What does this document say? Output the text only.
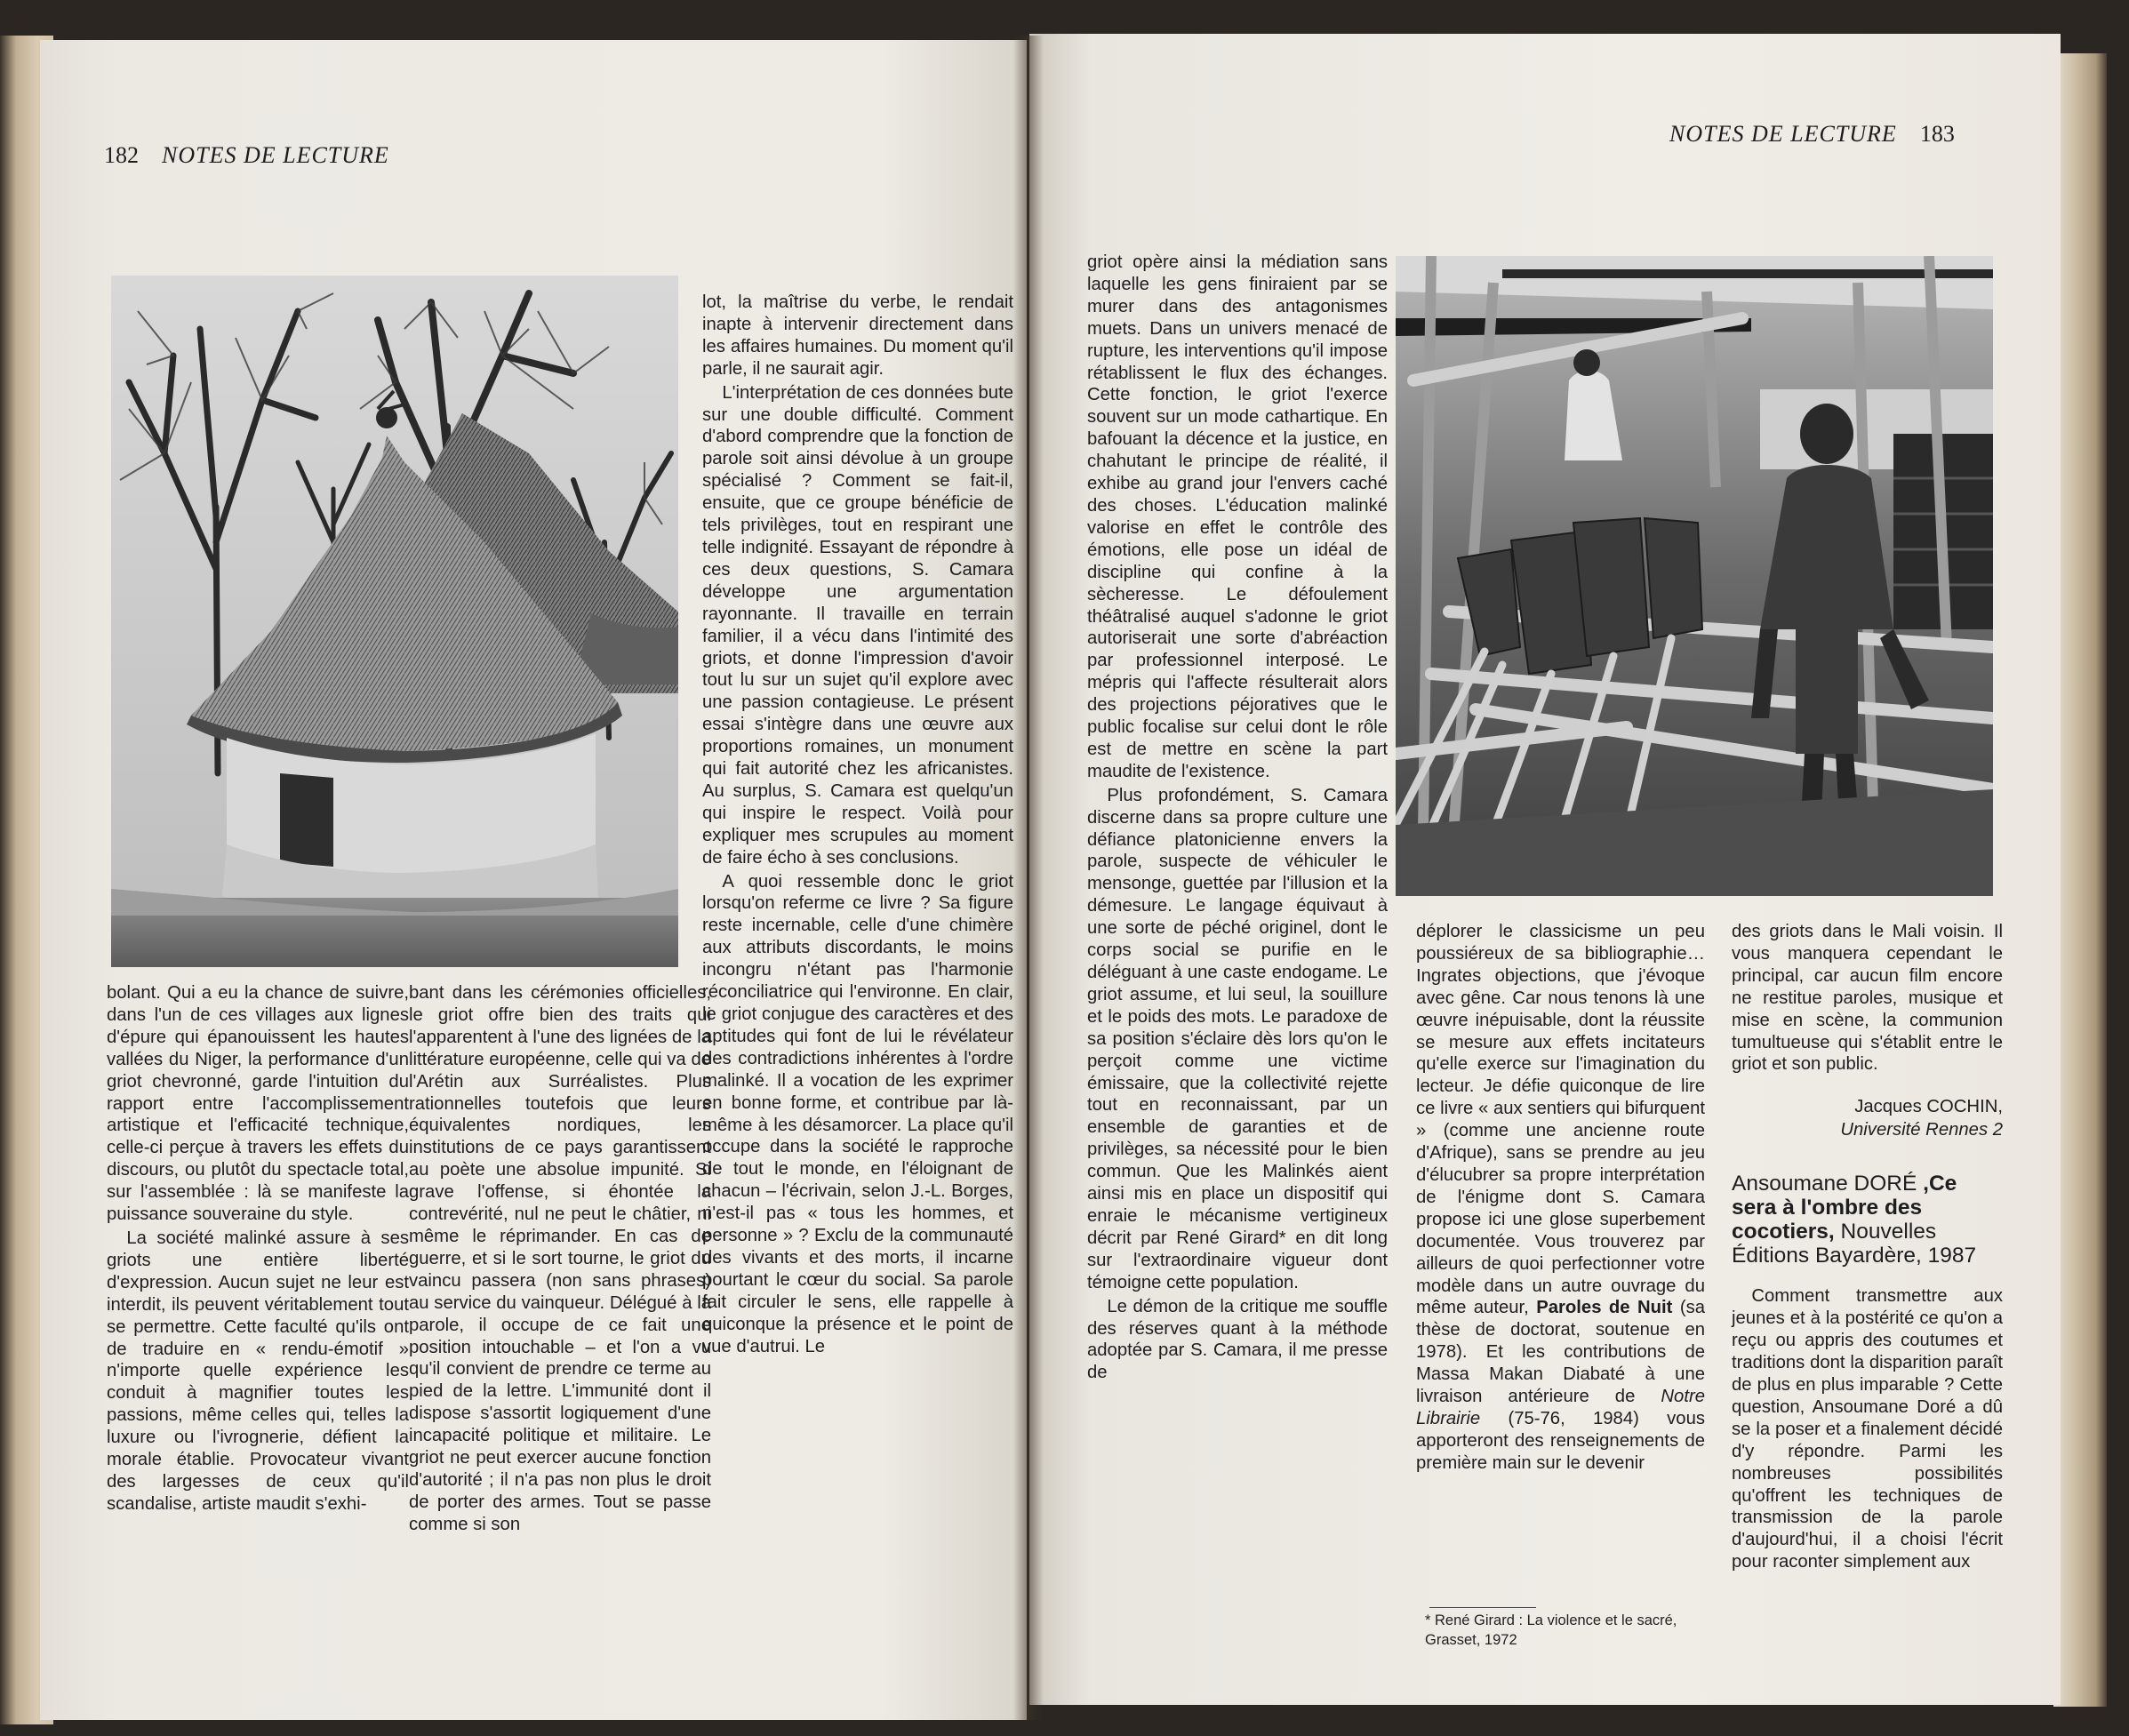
182 NOTES DE LECTURE

bolant. Qui a eu la chance de suivre, dans l'un de ces villages aux lignes d'épure qui épanouissent les hautes vallées du Niger, la performance d'un griot chevronné, garde l'intuition du rapport entre l'accomplissement artistique et l'efficacité technique, celle-ci perçue à travers les effets du discours, ou plutôt du spectacle total, sur l'assemblée : là se manifeste la puissance souveraine du style.

La société malinké assure à ses griots une entière liberté d'expression. Aucun sujet ne leur est interdit, ils peuvent véritablement tout se permettre. Cette faculté qu'ils ont de traduire en « rendu-émotif » n'importe quelle expérience les conduit à magnifier toutes les passions, même celles qui, telles la luxure ou l'ivrognerie, défient la morale établie. Provocateur vivant des largesses de ceux qu'il scandalise, artiste maudit s'exhi-

bant dans les cérémonies officielles, le griot offre bien des traits qui l'apparentent à l'une des lignées de la littérature européenne, celle qui va de l'Arétin aux Surréalistes. Plus rationnelles toutefois que leurs équivalentes nordiques, les institutions de ce pays garantissent au poète une absolue impunité. Si grave l'offense, si éhontée la contrevérité, nul ne peut le châtier, ni même le réprimander. En cas de guerre, et si le sort tourne, le griot du vaincu passera (non sans phrases) au service du vainqueur. Délégué à la parole, il occupe de ce fait une position intouchable – et l'on a vu qu'il convient de prendre ce terme au pied de la lettre. L'immunité dont il dispose s'assortit logiquement d'une incapacité politique et militaire. Le griot ne peut exercer aucune fonction d'autorité ; il n'a pas non plus le droit de porter des armes. Tout se passe comme si son

lot, la maîtrise du verbe, le rendait inapte à intervenir directement dans les affaires humaines. Du moment qu'il parle, il ne saurait agir.

L'interprétation de ces données bute sur une double difficulté. Comment d'abord comprendre que la fonction de parole soit ainsi dévolue à un groupe spécialisé ? Comment se fait-il, ensuite, que ce groupe bénéficie de tels privilèges, tout en respirant une telle indignité. Essayant de répondre à ces deux questions, S. Camara développe une argumentation rayonnante. Il travaille en terrain familier, il a vécu dans l'intimité des griots, et donne l'impression d'avoir tout lu sur un sujet qu'il explore avec une passion contagieuse. Le présent essai s'intègre dans une œuvre aux proportions romaines, un monument qui fait autorité chez les africanistes. Au surplus, S. Camara est quelqu'un qui inspire le respect. Voilà pour expliquer mes scrupules au moment de faire écho à ses conclusions.

A quoi ressemble donc le griot lorsqu'on referme ce livre ? Sa figure reste incernable, celle d'une chimère aux attributs discordants, le moins incongru n'étant pas l'harmonie réconciliatrice qui l'environne. En clair, le griot conjugue des caractères et des aptitudes qui font de lui le révélateur des contradictions inhérentes à l'ordre malinké. Il a vocation de les exprimer en bonne forme, et contribue par là-même à les désamorcer. La place qu'il occupe dans la société le rapproche de tout le monde, en l'éloignant de chacun – l'écrivain, selon J.-L. Borges, n'est-il pas « tous les hommes, et personne » ? Exclu de la communauté des vivants et des morts, il incarne pourtant le cœur du social. Sa parole fait circuler le sens, elle rappelle à quiconque la présence et le point de vue d'autrui. Le

NOTES DE LECTURE 183

griot opère ainsi la médiation sans laquelle les gens finiraient par se murer dans des antagonismes muets. Dans un univers menacé de rupture, les interventions qu'il impose rétablissent le flux des échanges. Cette fonction, le griot l'exerce souvent sur un mode cathartique. En bafouant la décence et la justice, en chahutant le principe de réalité, il exhibe au grand jour l'envers caché des choses. L'éducation malinké valorise en effet le contrôle des émotions, elle pose un idéal de discipline qui confine à la sècheresse. Le défoulement théâtralisé auquel s'adonne le griot autoriserait une sorte d'abréaction par professionnel interposé. Le mépris qui l'affecte résulterait alors des projections péjoratives que le public focalise sur celui dont le rôle est de mettre en scène la part maudite de l'existence.

Plus profondément, S. Camara discerne dans sa propre culture une défiance platonicienne envers la parole, suspecte de véhiculer le mensonge, guettée par l'illusion et la démesure. Le langage équivaut à une sorte de péché originel, dont le corps social se purifie en le déléguant à une caste endogame. Le griot assume, et lui seul, la souillure et le poids des mots. Le paradoxe de sa position s'éclaire dès lors qu'on le perçoit comme une victime émissaire, que la collectivité rejette tout en reconnaissant, par un ensemble de garanties et de privilèges, sa nécessité pour le bien commun. Que les Malinkés aient ainsi mis en place un dispositif qui enraie le mécanisme vertigineux décrit par René Girard* en dit long sur l'extraordinaire vigueur dont témoigne cette population.

Le démon de la critique me souffle des réserves quant à la méthode adoptée par S. Camara, il me presse de

déplorer le classicisme un peu poussiéreux de sa bibliographie… Ingrates objections, que j'évoque avec gêne. Car nous tenons là une œuvre inépuisable, dont la réussite se mesure aux effets incitateurs qu'elle exerce sur l'imagination du lecteur. Je défie quiconque de lire ce livre « aux sentiers qui bifurquent » (comme une ancienne route d'Afrique), sans se prendre au jeu d'élucubrer sa propre interprétation de l'énigme dont S. Camara propose ici une glose superbement documentée. Vous trouverez par ailleurs de quoi perfectionner votre modèle dans un autre ouvrage du même auteur, Paroles de Nuit (sa thèse de doctorat, soutenue en 1978). Et les contributions de Massa Makan Diabaté à une livraison antérieure de Notre Librairie (75-76, 1984) vous apporteront des renseignements de première main sur le devenir

* René Girard : La violence et le sacré, Grasset, 1972

des griots dans le Mali voisin. Il vous manquera cependant le principal, car aucun film encore ne restitue paroles, musique et mise en scène, la communion tumultueuse qui s'établit entre le griot et son public.

Jacques COCHIN,
Université Rennes 2
Ansoumane DORÉ ,Ce sera à l'ombre des cocotiers, Nouvelles Éditions Bayardère, 1987

Comment transmettre aux jeunes et à la postérité ce qu'on a reçu ou appris des coutumes et traditions dont la disparition paraît de plus en plus imparable ? Cette question, Ansoumane Doré a dû se la poser et a finalement décidé d'y répondre. Parmi les nombreuses possibilités qu'offrent les techniques de transmission de la parole d'aujourd'hui, il a choisi l'écrit pour raconter simplement aux
